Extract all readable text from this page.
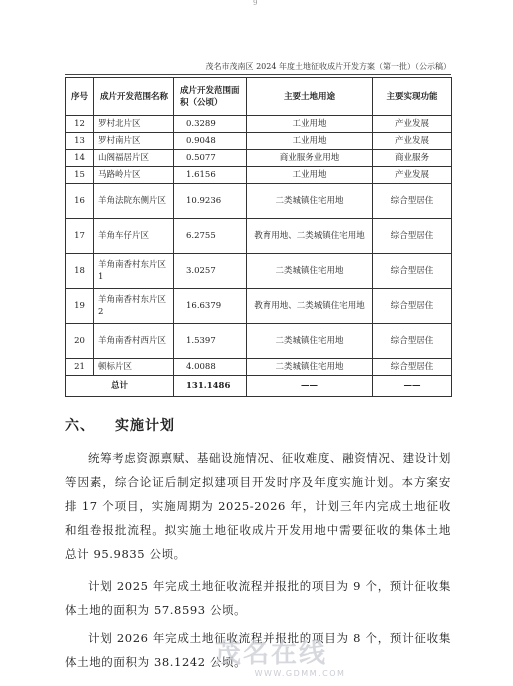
9
茂名市茂南区 2024 年度土地征收成片开发方案（第一批）（公示稿）
序号	成片开发范围名称	成片开发范围面积（公顷）	主要土地用途	主要实现功能
12	罗村北片区	0.3289	工业用地	产业发展
13	罗村南片区	0.9048	工业用地	产业发展
14	山阁福居片区	0.5077	商业服务业用地	商业服务
15	马路岭片区	1.6156	工业用地	产业发展
16	羊角法院东侧片区	10.9236	二类城镇住宅用地	综合型居住
17	羊角车仔片区	6.2755	教育用地、二类城镇住宅用地	综合型居住
18	羊角南香村东片区 1	3.0257	二类城镇住宅用地	综合型居住
19	羊角南香村东片区 2	16.6379	教育用地、二类城镇住宅用地	综合型居住
20	羊角南香村西片区	1.5397	二类城镇住宅用地	综合型居住
21	顿标片区	4.0088	二类城镇住宅用地	综合型居住
总计		131.1486	——	——
六、 实施计划
统筹考虑资源禀赋、基础设施情况、征收难度、融资情况、建设计划等因素，综合论证后制定拟建项目开发时序及年度实施计划。本方案安排 17 个项目，实施周期为 2025-2026 年，计划三年内完成土地征收和组卷报批流程。拟实施土地征收成片开发用地中需要征收的集体土地总计 95.9835 公顷。
计划 2025 年完成土地征收流程并报批的项目为 9 个，预计征收集体土地的面积为 57.8593 公顷。
计划 2026 年完成土地征收流程并报批的项目为 8 个，预计征收集体土地的面积为 38.1242 公顷。
茂名在线
WWW.GDMM.COM
